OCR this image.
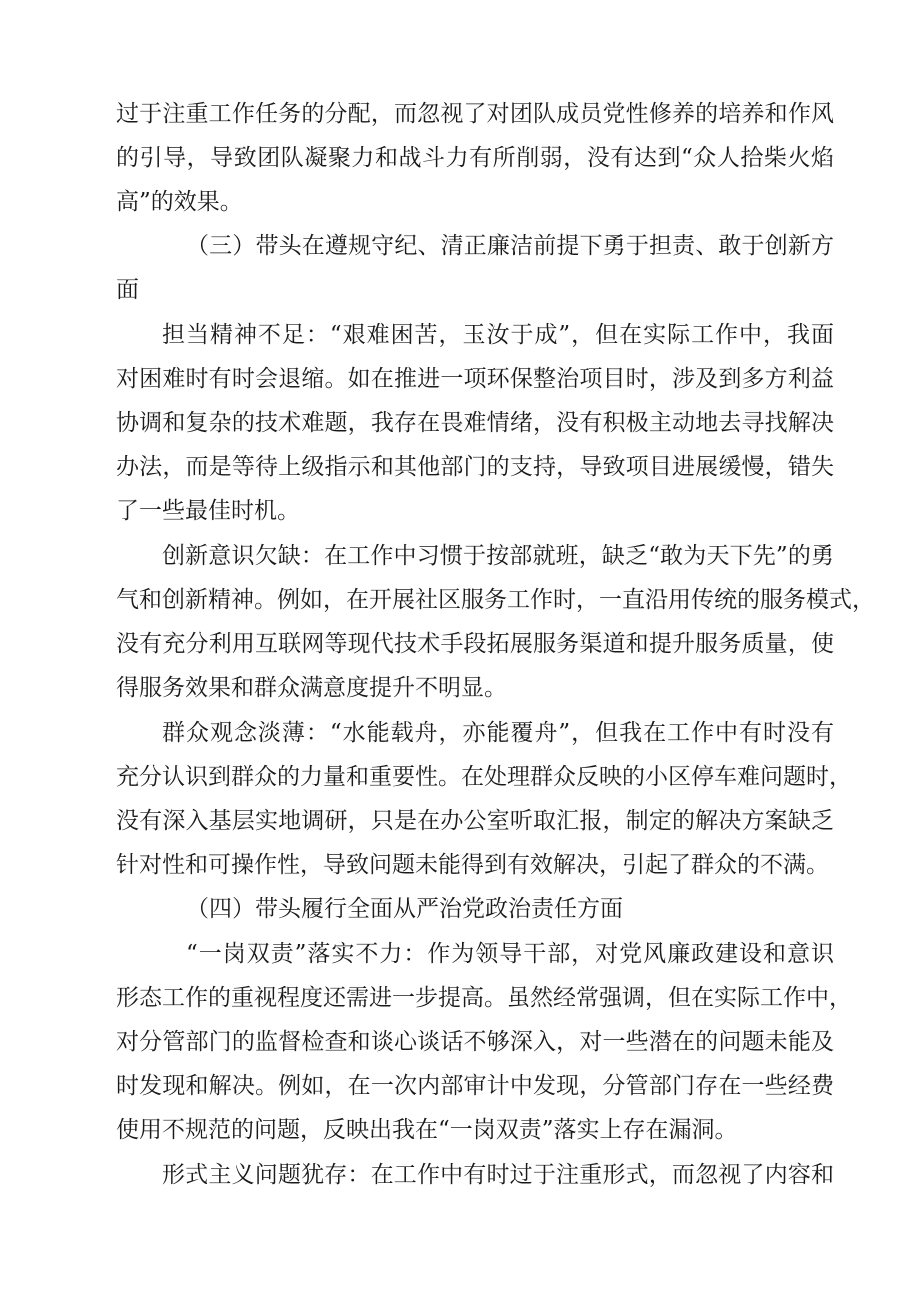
过于注重工作任务的分配，而忽视了对团队成员党性修养的培养和作风
的引导，导致团队凝聚力和战斗力有所削弱，没有达到“众人拾柴火焰
高”的效果。
（三）带头在遵规守纪、清正廉洁前提下勇于担责、敢于创新方
面
担当精神不足：“艰难困苦，玉汝于成”，但在实际工作中，我面
对困难时有时会退缩。如在推进一项环保整治项目时，涉及到多方利益
协调和复杂的技术难题，我存在畏难情绪，没有积极主动地去寻找解决
办法，而是等待上级指示和其他部门的支持，导致项目进展缓慢，错失
了一些最佳时机。
创新意识欠缺：在工作中习惯于按部就班，缺乏“敢为天下先”的勇
气和创新精神。例如，在开展社区服务工作时，一直沿用传统的服务模式，
没有充分利用互联网等现代技术手段拓展服务渠道和提升服务质量，使
得服务效果和群众满意度提升不明显。
群众观念淡薄：“水能载舟，亦能覆舟”，但我在工作中有时没有
充分认识到群众的力量和重要性。在处理群众反映的小区停车难问题时，
没有深入基层实地调研，只是在办公室听取汇报，制定的解决方案缺乏
针对性和可操作性，导致问题未能得到有效解决，引起了群众的不满。
（四）带头履行全面从严治党政治责任方面
“一岗双责”落实不力：作为领导干部，对党风廉政建设和意识
形态工作的重视程度还需进一步提高。虽然经常强调，但在实际工作中，
对分管部门的监督检查和谈心谈话不够深入，对一些潜在的问题未能及
时发现和解决。例如，在一次内部审计中发现，分管部门存在一些经费
使用不规范的问题，反映出我在“一岗双责”落实上存在漏洞。
形式主义问题犹存：在工作中有时过于注重形式，而忽视了内容和
